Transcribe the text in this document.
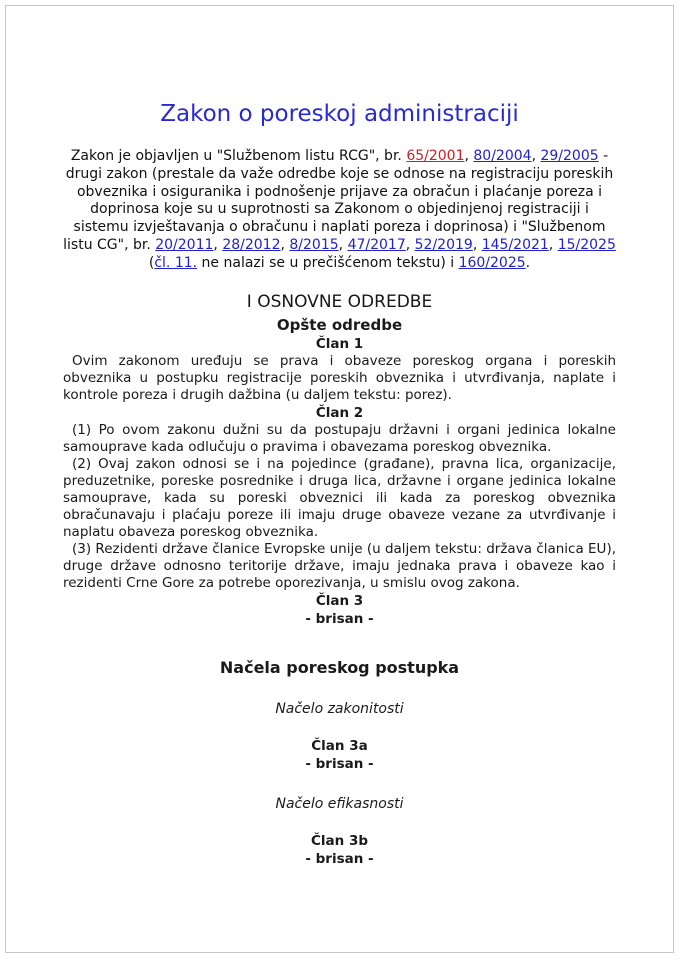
Zakon o poreskoj administraciji

Zakon je objavljen u "Službenom listu RCG", br. 65/2001, 80/2004, 29/2005 - drugi zakon (prestale da važe odredbe koje se odnose na registraciju poreskih obveznika i osiguranika i podnošenje prijave za obračun i plaćanje poreza i doprinosa koje su u suprotnosti sa Zakonom o objedinjenoj registraciji i sistemu izvještavanja o obračunu i naplati poreza i doprinosa) i "Službenom listu CG", br. 20/2011, 28/2012, 8/2015, 47/2017, 52/2019, 145/2021, 15/2025 (čl. 11. ne nalazi se u prečišćenom tekstu) i 160/2025.

I OSNOVNE ODREDBE
Opšte odredbe
Član 1

Ovim zakonom uređuju se prava i obaveze poreskog organa i poreskih obveznika u postupku registracije poreskih obveznika i utvrđivanja, naplate i kontrole poreza i drugih dažbina (u daljem tekstu: porez).

Član 2

(1) Po ovom zakonu dužni su da postupaju državni i organi jedinica lokalne samouprave kada odlučuju o pravima i obavezama poreskog obveznika.

(2) Ovaj zakon odnosi se i na pojedince (građane), pravna lica, organizacije, preduzetnike, poreske posrednike i druga lica, državne i organe jedinica lokalne samouprave, kada su poreski obveznici ili kada za poreskog obveznika obračunavaju i plaćaju poreze ili imaju druge obaveze vezane za utvrđivanje i naplatu obaveza poreskog obveznika.

(3) Rezidenti države članice Evropske unije (u daljem tekstu: država članica EU), druge države odnosno teritorije države, imaju jednaka prava i obaveze kao i rezidenti Crne Gore za potrebe oporezivanja, u smislu ovog zakona.

Član 3
- brisan -
Načela poreskog postupka
Načelo zakonitosti
Član 3a
- brisan -
Načelo efikasnosti
Član 3b
- brisan -
